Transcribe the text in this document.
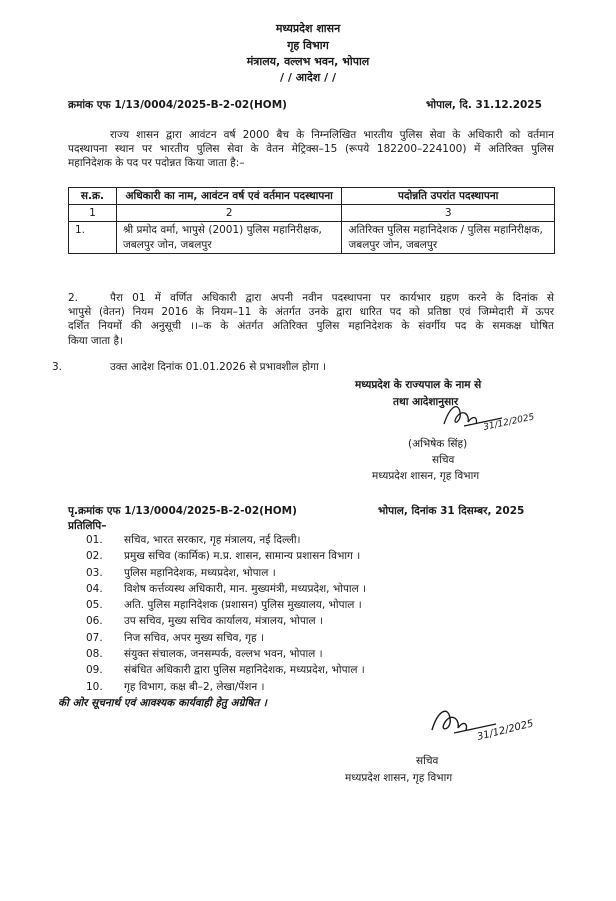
मध्यप्रदेश शासन
गृह विभाग
मंत्रालय, वल्लभ भवन, भोपाल
/ / आदेश / /
क्रमांक एफ 1/13/0004/2025-B-2-02(HOM)	भोपाल, दि. 31.12.2025
राज्य शासन द्वारा आवंटन वर्ष 2000 बैच के निम्नलिखित भारतीय पुलिस सेवा के अधिकारी को वर्तमान
पदस्थापना स्थान पर भारतीय पुलिस सेवा के वेतन मेट्रिक्स–15 (रूपये 182200–224100) में अतिरिक्त पुलिस
महानिदेशक के पद पर पदोन्नत किया जाता है:–
स.क्र.	अधिकारी का नाम, आवंटन वर्ष एवं वर्तमान पदस्थापना	पदोन्नति उपरांत पदस्थापना
1	2	3
1.	श्री प्रमोद वर्मा, भापुसे (2001) पुलिस महानिरीक्षक, जबलपुर जोन, जबलपुर	अतिरिक्त पुलिस महानिदेशक / पुलिस महानिरीक्षक, जबलपुर जोन, जबलपुर
2.	पैरा 01 में वर्णित अधिकारी द्वारा अपनी नवीन पदस्थापना पर कार्यभार ग्रहण करने के दिनांक से
भापुसे (वेतन) नियम 2016 के नियम–11 के अंतर्गत उनके द्वारा धारित पद को प्रतिष्ठा एवं जिम्मेदारी में ऊपर
दर्शित नियमों की अनुसूची ।।–क के अंतर्गत अतिरिक्त पुलिस महानिदेशक के संवर्गीय पद के समकक्ष घोषित
किया जाता है।
3.	उक्त आदेश दिनांक 01.01.2026 से प्रभावशील होगा ।
मध्यप्रदेश के राज्यपाल के नाम से
तथा आदेशानुसार
31/12/2025
(अभिषेक सिंह)
सचिव
मध्यप्रदेश शासन, गृह विभाग
पृ.क्रमांक एफ 1/13/0004/2025-B-2-02(HOM)	भोपाल, दिनांक 31 दिसम्बर, 2025
प्रतिलिपि–
01. सचिव, भारत सरकार, गृह मंत्रालय, नई दिल्ली।
02. प्रमुख सचिव (कार्मिक) म.प्र. शासन, सामान्य प्रशासन विभाग ।
03. पुलिस महानिदेशक, मध्यप्रदेश, भोपाल ।
04. विशेष कर्त्तव्यस्थ अधिकारी, मान. मुख्यमंत्री, मध्यप्रदेश, भोपाल ।
05. अति. पुलिस महानिदेशक (प्रशासन) पुलिस मुख्यालय, भोपाल ।
06. उप सचिव, मुख्य सचिव कार्यालय, मंत्रालय, भोपाल ।
07. निज सचिव, अपर मुख्य सचिव, गृह ।
08. संयुक्त संचालक, जनसम्पर्क, वल्लभ भवन, भोपाल ।
09. संबंधित अधिकारी द्वारा पुलिस महानिदेशक, मध्यप्रदेश, भोपाल ।
10. गृह विभाग, कक्ष बी–2, लेखा/पेंशन ।
की ओर सूचनार्थ एवं आवश्यक कार्यवाही हेतु अग्रेषित ।
31/12/2025
सचिव
मध्यप्रदेश शासन, गृह विभाग
